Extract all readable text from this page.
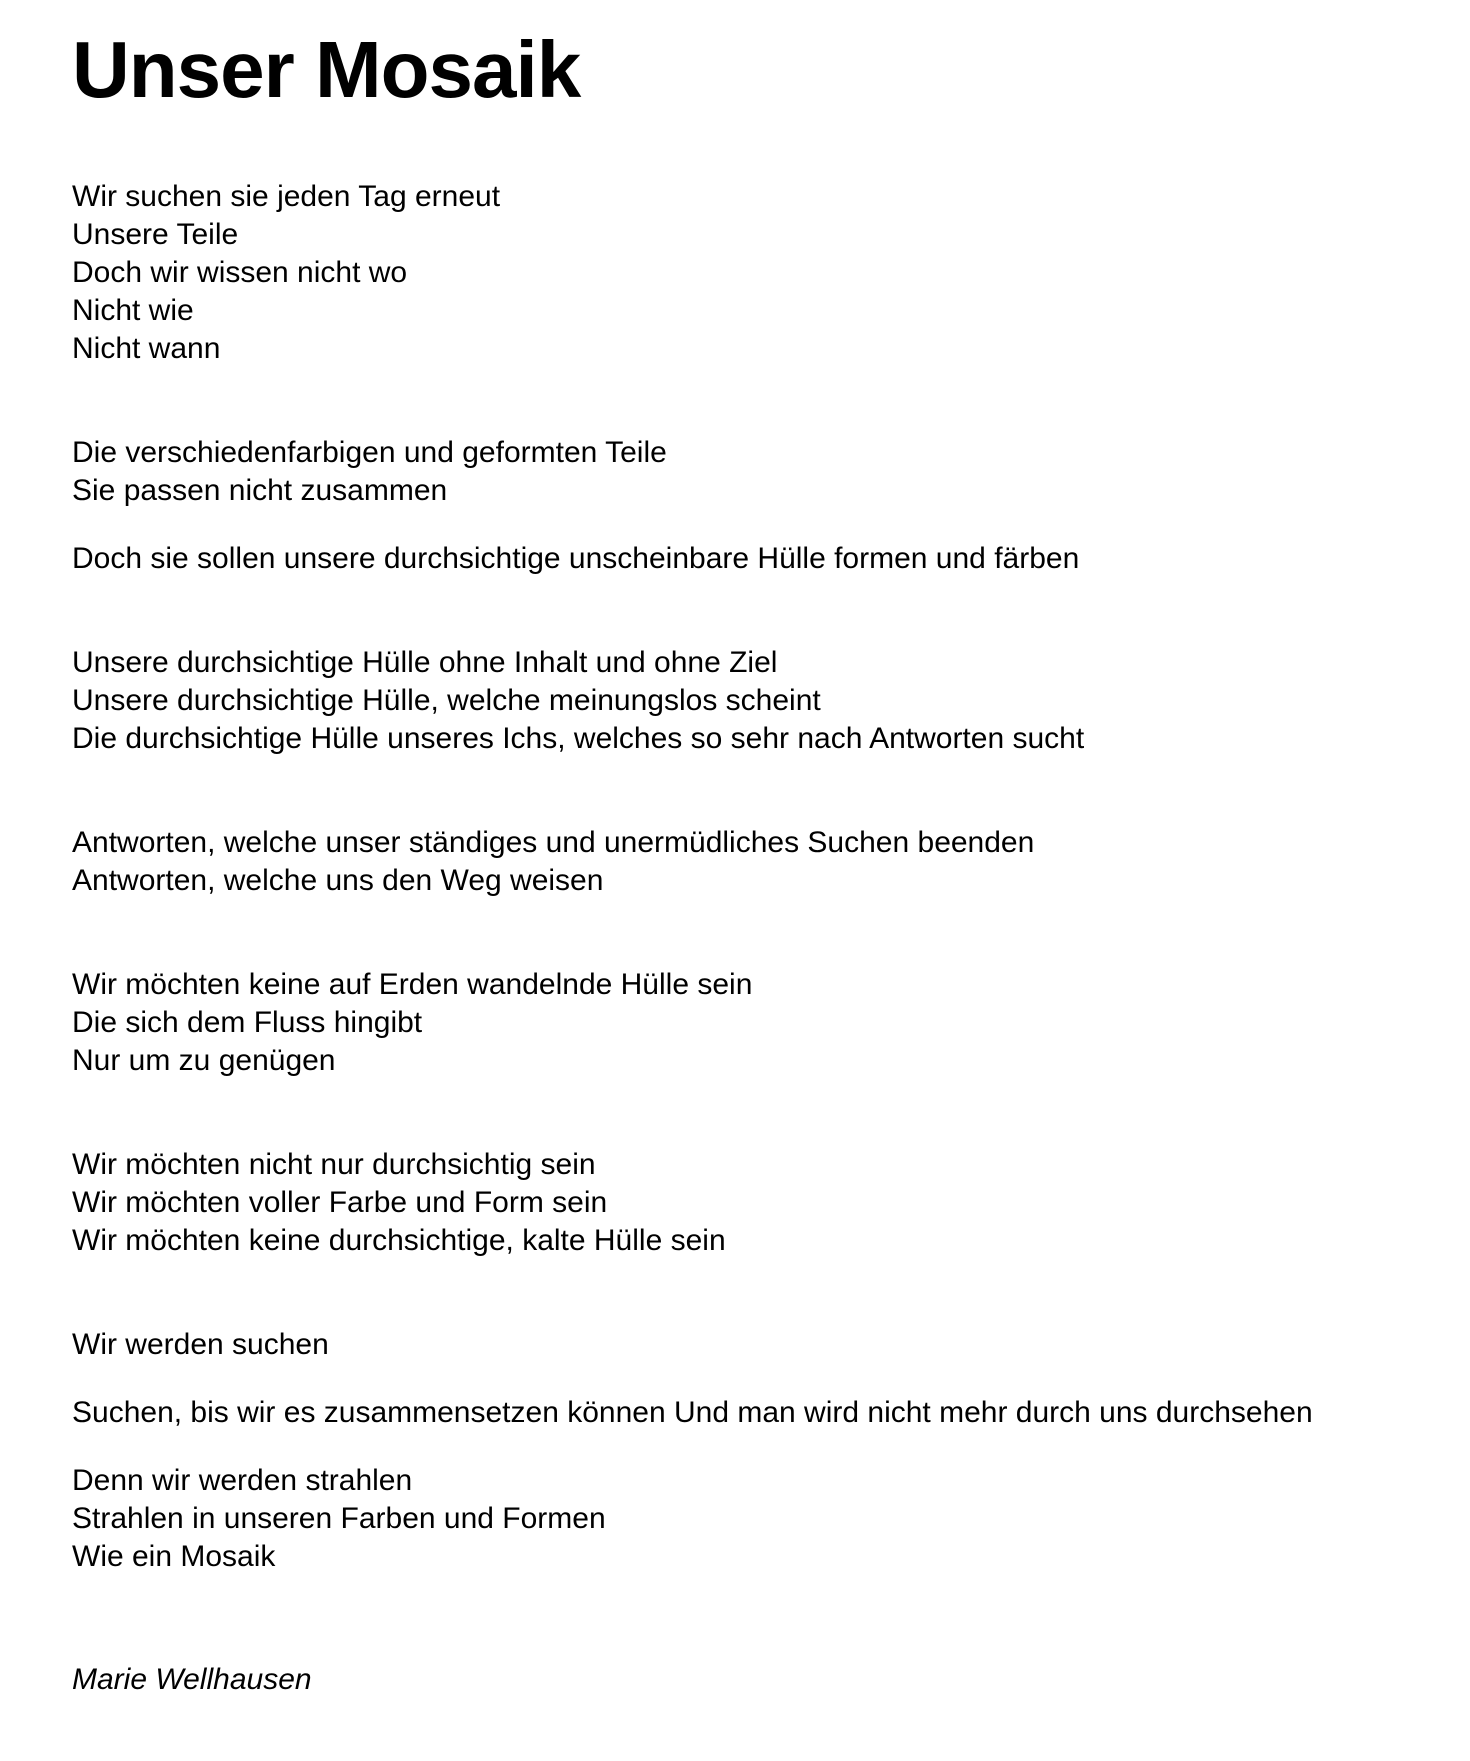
Unser Mosaik

Wir suchen sie jeden Tag erneut

Unsere Teile

Doch wir wissen nicht wo

Nicht wie

Nicht wann

Die verschiedenfarbigen und geformten Teile

Sie passen nicht zusammen

Doch sie sollen unsere durchsichtige unscheinbare Hülle formen und färben

Unsere durchsichtige Hülle ohne Inhalt und ohne Ziel

Unsere durchsichtige Hülle, welche meinungslos scheint

Die durchsichtige Hülle unseres Ichs, welches so sehr nach Antworten sucht

Antworten, welche unser ständiges und unermüdliches Suchen beenden

Antworten, welche uns den Weg weisen

Wir möchten keine auf Erden wandelnde Hülle sein

Die sich dem Fluss hingibt

Nur um zu genügen

Wir möchten nicht nur durchsichtig sein

Wir möchten voller Farbe und Form sein

Wir möchten keine durchsichtige, kalte Hülle sein

Wir werden suchen

Suchen, bis wir es zusammensetzen können Und man wird nicht mehr durch uns durchsehen

Denn wir werden strahlen

Strahlen in unseren Farben und Formen

Wie ein Mosaik

Marie Wellhausen
